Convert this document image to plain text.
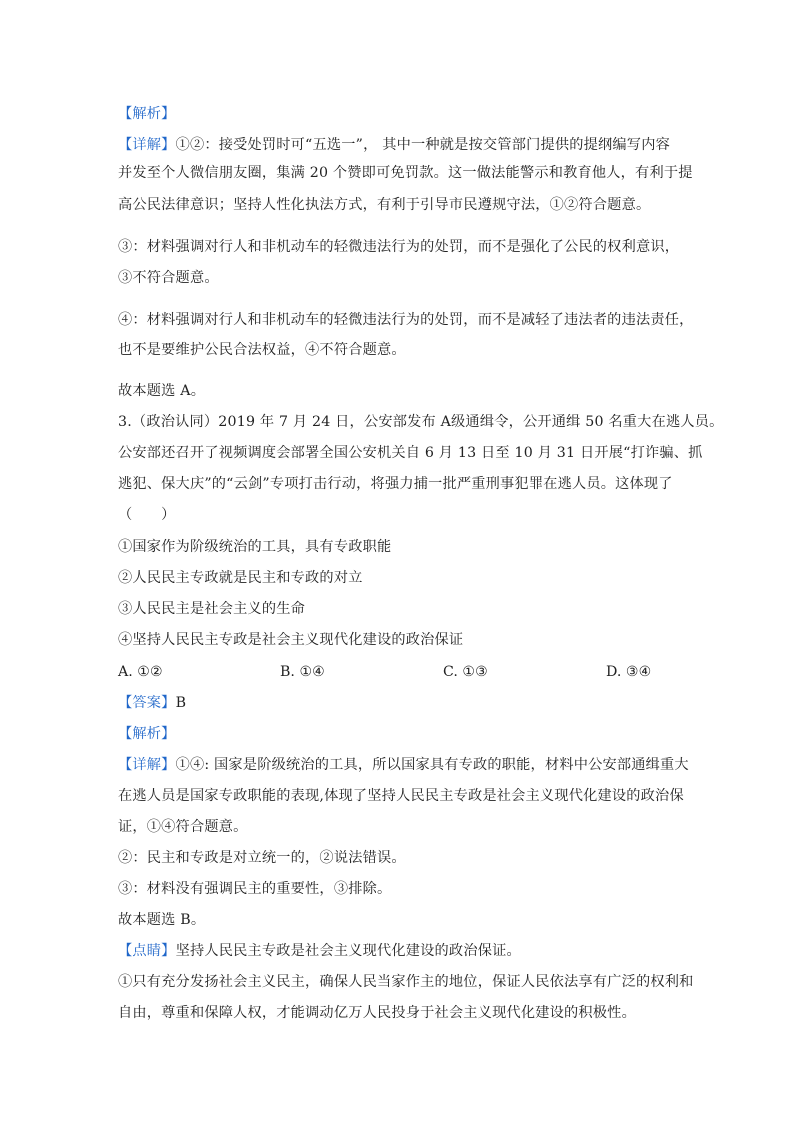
【解析】
【详解】①②：接受处罚时可“五选一”， 其中一种就是按交管部门提供的提纲编写内容
并发至个人微信朋友圈，集满 20 个赞即可免罚款。这一做法能警示和教育他人，有利于提
高公民法律意识；坚持人性化执法方式，有利于引导市民遵规守法，①②符合题意。
③：材料强调对行人和非机动车的轻微违法行为的处罚，而不是强化了公民的权利意识，
③不符合题意。
④：材料强调对行人和非机动车的轻微违法行为的处罚，而不是减轻了违法者的违法责任，
也不是要维护公民合法权益，④不符合题意。
故本题选 A。
3.（政治认同）2019 年 7 月 24 日，公安部发布 A级通缉令，公开通缉 50 名重大在逃人员。
公安部还召开了视频调度会部署全国公安机关自 6 月 13 日至 10 月 31 日开展“打诈骗、抓
逃犯、保大庆”的“云剑”专项打击行动，将强力捕一批严重刑事犯罪在逃人员。这体现了
（　　）
①国家作为阶级统治的工具，具有专政职能
②人民民主专政就是民主和专政的对立
③人民民主是社会主义的生命
④坚持人民民主专政是社会主义现代化建设的政治保证
A. ①②	B. ①④	C. ①③	D. ③④
【答案】B
【解析】
【详解】①④: 国家是阶级统治的工具，所以国家具有专政的职能，材料中公安部通缉重大
在逃人员是国家专政职能的表现,体现了坚持人民民主专政是社会主义现代化建设的政治保
证，①④符合题意。
②：民主和专政是对立统一的，②说法错误。
③：材料没有强调民主的重要性，③排除。
故本题选 B。
【点睛】坚持人民民主专政是社会主义现代化建设的政治保证。
①只有充分发扬社会主义民主，确保人民当家作主的地位，保证人民依法享有广泛的权利和
自由，尊重和保障人权，才能调动亿万人民投身于社会主义现代化建设的积极性。
